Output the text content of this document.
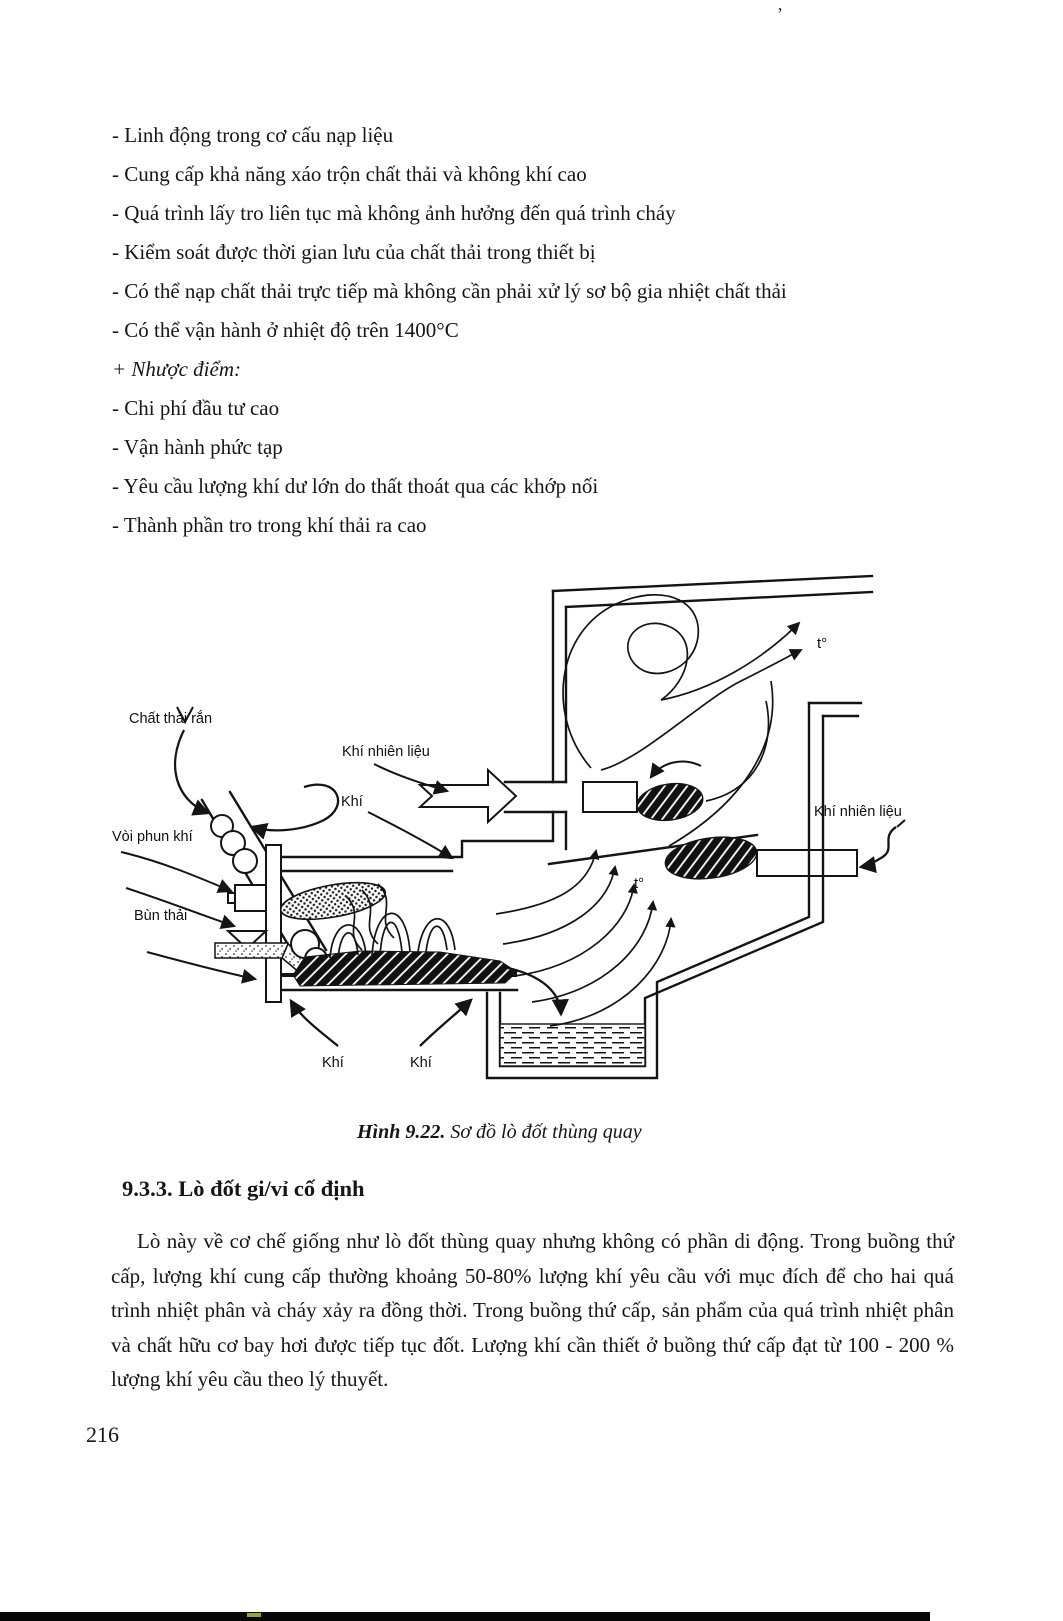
’
- Linh động trong cơ cấu nạp liệu
- Cung cấp khả năng xáo trộn chất thải và không khí cao
- Quá trình lấy tro liên tục mà không ảnh hưởng đến quá trình cháy
- Kiểm soát được thời gian lưu của chất thải trong thiết bị
- Có thể nạp chất thải trực tiếp mà không cần phải xử lý sơ bộ gia nhiệt chất thải
- Có thể vận hành ở nhiệt độ trên 1400°C
+ Nhược điểm:
- Chi phí đầu tư cao
- Vận hành phức tạp
- Yêu cầu lượng khí dư lớn do thất thoát qua các khớp nối
- Thành phần tro trong khí thải ra cao
Chất thải rắn
Khí nhiên liệu
Khí
Vòi phun khí
Bùn thải
Khí nhiên liệu
t°
t°
Khí	Khí
Hình 9.22. Sơ đồ lò đốt thùng quay
9.3.3. Lò đốt gi/vỉ cố định
Lò này về cơ chế giống như lò đốt thùng quay nhưng không có phần di động. Trong buồng thứ cấp, lượng khí cung cấp thường khoảng 50-80% lượng khí yêu cầu với mục đích để cho hai quá trình nhiệt phân và cháy xảy ra đồng thời. Trong buồng thứ cấp, sản phẩm của quá trình nhiệt phân và chất hữu cơ bay hơi được tiếp tục đốt. Lượng khí cần thiết ở buồng thứ cấp đạt từ 100 - 200 % lượng khí yêu cầu theo lý thuyết.
216
